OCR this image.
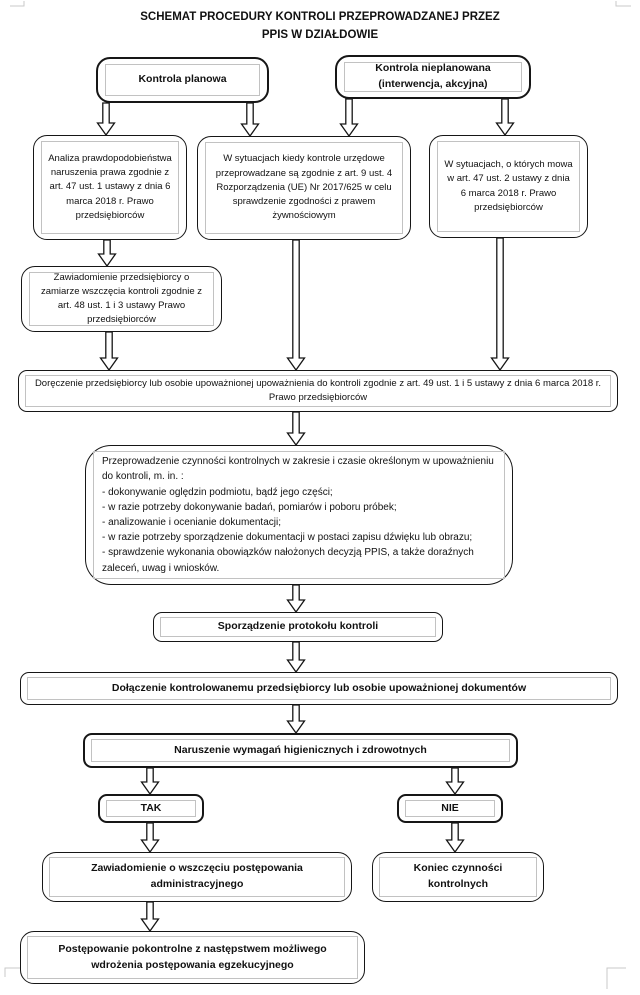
SCHEMAT PROCEDURY KONTROLI PRZEPROWADZANEJ PRZEZ
PPIS W DZIAŁDOWIE
Kontrola planowa
Kontrola nieplanowana (interwencja, akcyjna)
Analiza prawdopodobieństwa naruszenia prawa zgodnie z art. 47 ust. 1 ustawy z dnia 6 marca 2018 r. Prawo przedsiębiorców
W sytuacjach kiedy kontrole urzędowe przeprowadzane są zgodnie z art. 9 ust. 4 Rozporządzenia (UE) Nr 2017/625 w celu sprawdzenie zgodności z prawem żywnościowym
W sytuacjach, o których mowa w art. 47 ust. 2 ustawy z dnia 6 marca 2018 r. Prawo przedsiębiorców
Zawiadomienie przedsiębiorcy o zamiarze wszczęcia kontroli zgodnie z art. 48 ust. 1 i 3 ustawy Prawo przedsiębiorców
Doręczenie przedsiębiorcy lub osobie upoważnionej upoważnienia do kontroli zgodnie z art. 49 ust. 1 i 5 ustawy z dnia 6 marca 2018 r. Prawo przedsiębiorców
Przeprowadzenie czynności kontrolnych w zakresie i czasie określonym w upoważnieniu do kontroli, m. in. :
- dokonywanie oględzin podmiotu, bądź jego części;
- w razie potrzeby dokonywanie badań, pomiarów i poboru próbek;
- analizowanie i ocenianie dokumentacji;
- w razie potrzeby sporządzenie dokumentacji w postaci zapisu dźwięku lub obrazu;
- sprawdzenie wykonania obowiązków nałożonych decyzją PPIS, a także doraźnych zaleceń, uwag i wniosków.
Sporządzenie protokołu kontroli
Dołączenie kontrolowanemu przedsiębiorcy lub osobie upoważnionej dokumentów
Naruszenie wymagań higienicznych i zdrowotnych
TAK	NIE
Zawiadomienie o wszczęciu postępowania administracyjnego
Koniec czynności kontrolnych
Postępowanie pokontrolne z następstwem możliwego wdrożenia postępowania egzekucyjnego
